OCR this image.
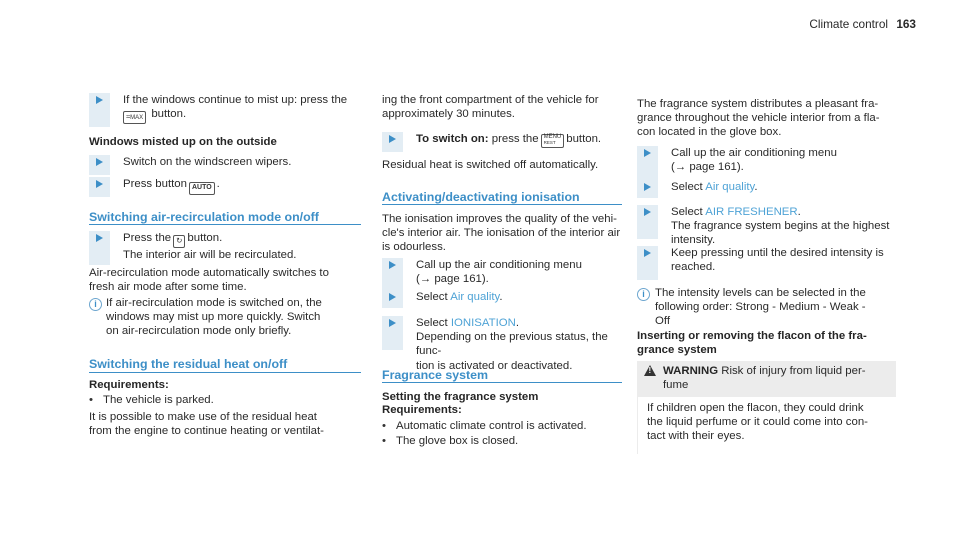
Climate control 163
If the windows continue to mist up: press the
≈MAX button.
Windows misted up on the outside
Switch on the windscreen wipers.
Press button AUTO .
Switching air-recirculation mode on/off
Press the ↻ button.
The interior air will be recirculated.
Air-recirculation mode automatically switches to
fresh air mode after some time.
i If air-recirculation mode is switched on, the
windows may mist up more quickly. Switch
on air-recirculation mode only briefly.
Switching the residual heat on/off
Requirements:
• The vehicle is parked.
It is possible to make use of the residual heat
from the engine to continue heating or ventilat-
ing the front compartment of the vehicle for
approximately 30 minutes.
To switch on: press the MENU
REST button.
Residual heat is switched off automatically.
Activating/deactivating ionisation
The ionisation improves the quality of the vehi-
cle's interior air. The ionisation of the interior air
is odourless.
Call up the air conditioning menu
(→ page 161).
Select Air quality.
Select IONISATION.
Depending on the previous status, the func-
tion is activated or deactivated.
Fragrance system
Setting the fragrance system
Requirements:
• Automatic climate control is activated.
• The glove box is closed.
The fragrance system distributes a pleasant fra-
grance throughout the vehicle interior from a fla-
con located in the glove box.
Call up the air conditioning menu
(→ page 161).
Select Air quality.
Select AIR FRESHENER.
The fragrance system begins at the highest
intensity.
Keep pressing until the desired intensity is
reached.
i The intensity levels can be selected in the
following order: Strong - Medium - Weak -
Off
Inserting or removing the flacon of the fra-
grance system
! WARNING Risk of injury from liquid per-
fume
If children open the flacon, they could drink
the liquid perfume or it could come into con-
tact with their eyes.
